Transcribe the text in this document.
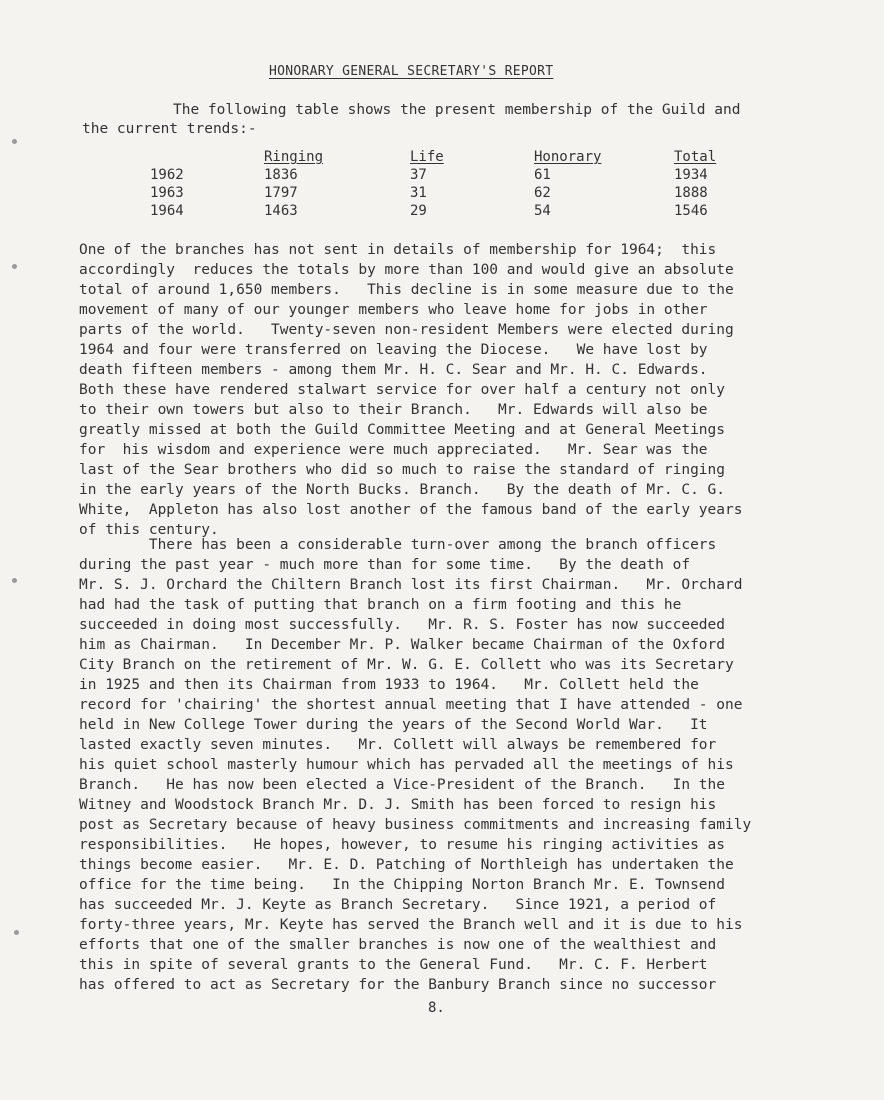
HONORARY GENERAL SECRETARY'S REPORT
The following table shows the present membership of the Guild and
the current trends:-
	Ringing	Life	Honorary	Total
1962	1836	37	61	1934
1963	1797	31	62	1888
1964	1463	29	54	1546
One of the branches has not sent in details of membership for 1964;  this
accordingly  reduces the totals by more than 100 and would give an absolute
total of around 1,650 members.   This decline is in some measure due to the
movement of many of our younger members who leave home for jobs in other
parts of the world.   Twenty-seven non-resident Members were elected during
1964 and four were transferred on leaving the Diocese.   We have lost by
death fifteen members - among them Mr. H. C. Sear and Mr. H. C. Edwards.
Both these have rendered stalwart service for over half a century not only
to their own towers but also to their Branch.   Mr. Edwards will also be
greatly missed at both the Guild Committee Meeting and at General Meetings
for  his wisdom and experience were much appreciated.   Mr. Sear was the
last of the Sear brothers who did so much to raise the standard of ringing
in the early years of the North Bucks. Branch.   By the death of Mr. C. G.
White,  Appleton has also lost another of the famous band of the early years
of this century.
There has been a considerable turn-over among the branch officers
during the past year - much more than for some time.   By the death of
Mr. S. J. Orchard the Chiltern Branch lost its first Chairman.   Mr. Orchard
had had the task of putting that branch on a firm footing and this he
succeeded in doing most successfully.   Mr. R. S. Foster has now succeeded
him as Chairman.   In December Mr. P. Walker became Chairman of the Oxford
City Branch on the retirement of Mr. W. G. E. Collett who was its Secretary
in 1925 and then its Chairman from 1933 to 1964.   Mr. Collett held the
record for 'chairing' the shortest annual meeting that I have attended - one
held in New College Tower during the years of the Second World War.   It
lasted exactly seven minutes.   Mr. Collett will always be remembered for
his quiet school masterly humour which has pervaded all the meetings of his
Branch.   He has now been elected a Vice-President of the Branch.   In the
Witney and Woodstock Branch Mr. D. J. Smith has been forced to resign his
post as Secretary because of heavy business commitments and increasing family
responsibilities.   He hopes, however, to resume his ringing activities as
things become easier.   Mr. E. D. Patching of Northleigh has undertaken the
office for the time being.   In the Chipping Norton Branch Mr. E. Townsend
has succeeded Mr. J. Keyte as Branch Secretary.   Since 1921, a period of
forty-three years, Mr. Keyte has served the Branch well and it is due to his
efforts that one of the smaller branches is now one of the wealthiest and
this in spite of several grants to the General Fund.   Mr. C. F. Herbert
has offered to act as Secretary for the Banbury Branch since no successor
8.
